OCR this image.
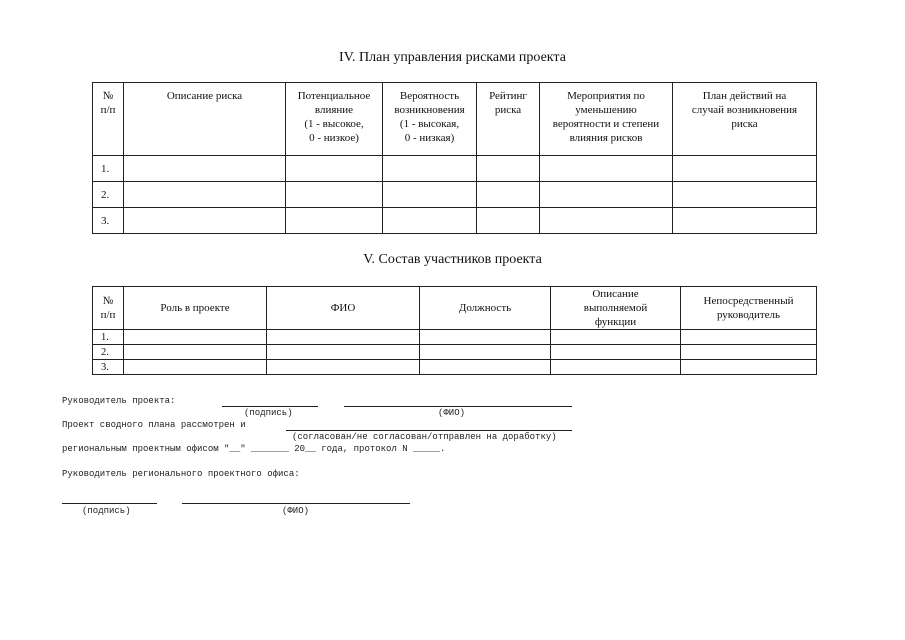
IV. План управления рисками проекта
№
п/п	Описание риска	Потенциальное
влияние
(1 - высокое,
0 - низкое)	Вероятность
возникновения
(1 - высокая,
0 - низкая)	Рейтинг
риска	Мероприятия по
уменьшению
вероятности и степени
влияния рисков	План действий на
случай возникновения
риска
1.						
2.						
3.						
V. Состав участников проекта
№
п/п	Роль в проекте	ФИО	Должность	Описание
выполняемой
функции	Непосредственный
руководитель
1.					
2.					
3.					

Руководитель проекта:

(подпись)	(ФИО)

Проект сводного плана рассмотрен и

(согласован/не согласован/отправлен на доработку)

региональным проектным офисом "__" _______ 20__ года, протокол N _____.

Руководитель регионального проектного офиса:

(подпись)	(ФИО)
